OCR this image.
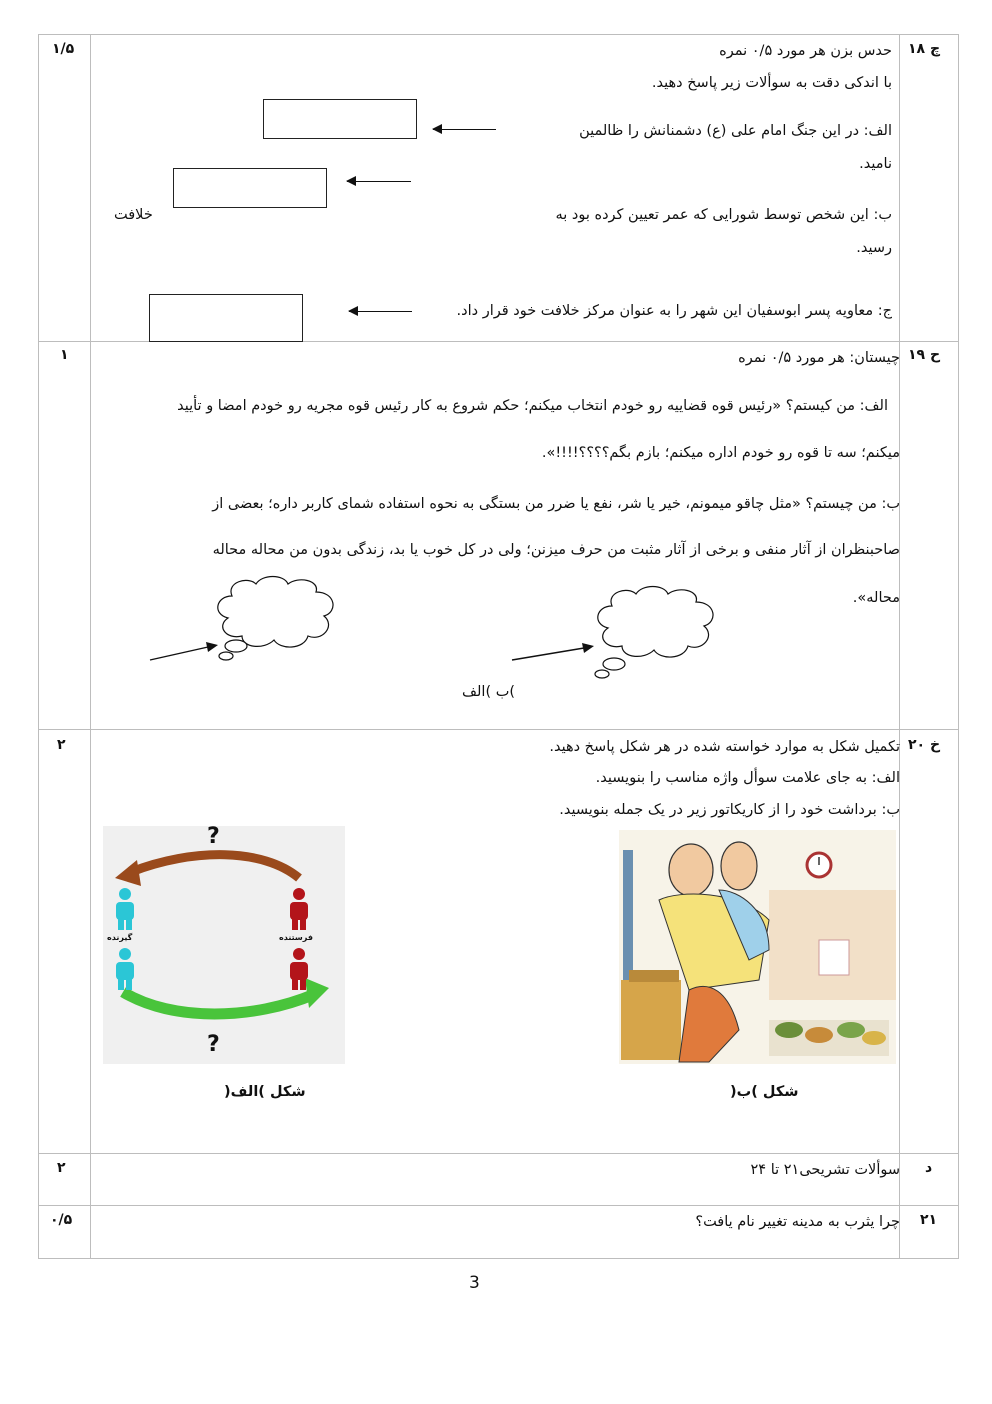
چ ۱۸
۱/۵	حدس بزن هر مورد ۰/۵ نمره
با اندکی دقت به سوألات زیر پاسخ دهید.
الف: در این جنگ امام علی (ع) دشمنانش را ظالمین
نامید.
خلافت	ب: این شخص توسط شورایی که عمر تعیین کرده بود به
رسید.
ج: معاویه پسر ابوسفیان این شهر را به عنوان مرکز خلافت خود قرار داد.
ح ۱۹
۱	چیستان: هر مورد ۰/۵ نمره
الف: من کیستم؟ «رئیس قوه قضاییه رو خودم انتخاب میکنم؛ حکم شروع به کار رئیس قوه مجریه رو خودم امضا و تأیید
میکنم؛ سه تا قوه رو خودم اداره میکنم؛ بازم بگم؟؟؟؟!!!!».
ب: من چیستم؟ «مثل چاقو میمونم، خیر یا شر، نفع یا ضرر من بستگی به نحوه استفاده شمای کاربر داره؛ بعضی از
صاحبنظران از آثار منفی و برخی از آثار مثبت من حرف میزنن؛ ولی در کل خوب یا بد، زندگی بدون من محاله محاله
محاله».
)ب )الف
خ ۲۰
۲	تکمیل شکل به موارد خواسته شده در هر شکل پاسخ دهید.
الف: به جای علامت سوأل واژه مناسب را بنویسید.
ب: برداشت خود را از کاریکاتور زیر در یک جمله بنویسید.
?
?
گیرنده	فرستنده
شکل )الف(	شکل )ب(
د
۲	سوألات تشریحی۲۱ تا ۲۴
۲۱
۰/۵	چرا یثرب به مدینه تغییر نام یافت؟
3
